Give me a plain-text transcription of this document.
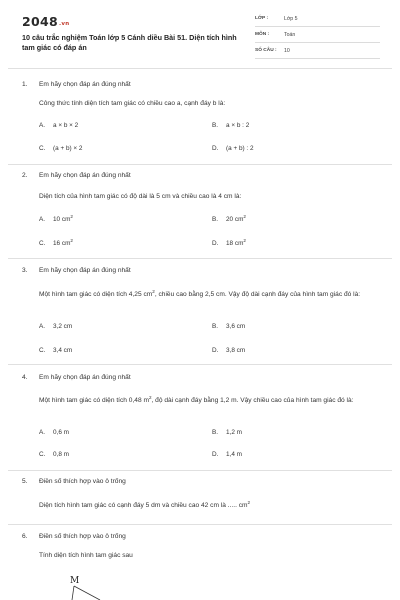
2048.vn
10 câu trắc nghiệm Toán lớp 5 Cánh diều Bài 51. Diện tích hình tam giác có đáp án
LỚP :	Lớp 5
MÔN :	Toán
SỐ CÂU : 10
1. Em hãy chọn đáp án đúng nhất
Công thức tính diện tích tam giác có chiều cao a, cạnh đáy b là:
A. a × b × 2	B. a × b : 2
C. (a + b) × 2	D. (a + b) : 2
2. Em hãy chọn đáp án đúng nhất
Diện tích của hình tam giác có độ dài là 5 cm và chiều cao là 4 cm là:
A. 10 $cm^2$	B. 20 $cm^2$
C. 16 $cm^2$	D. 18 $cm^2$
3. Em hãy chọn đáp án đúng nhất
Một hình tam giác có diện tích 4,25 $cm^2$, chiều cao bằng 2,5 cm. Vậy độ dài cạnh đáy của hình tam giác đó là:
A. 3,2 cm	B. 3,6 cm
C. 3,4 cm	D. 3,8 cm
4. Em hãy chọn đáp án đúng nhất
Một hình tam giác có diện tích 0,48 $m^2$, độ dài cạnh đáy bằng 1,2 m. Vậy chiều cao của hình tam giác đó là:
A. 0,6 m	B. 1,2 m
C. 0,8 m	D. 1,4 m
5. Điền số thích hợp vào ô trống
Diện tích hình tam giác có cạnh đáy 5 dm và chiều cao 42 cm là ..... $cm^2$
6. Điền số thích hợp vào ô trống
Tính diện tích hình tam giác sau
M
